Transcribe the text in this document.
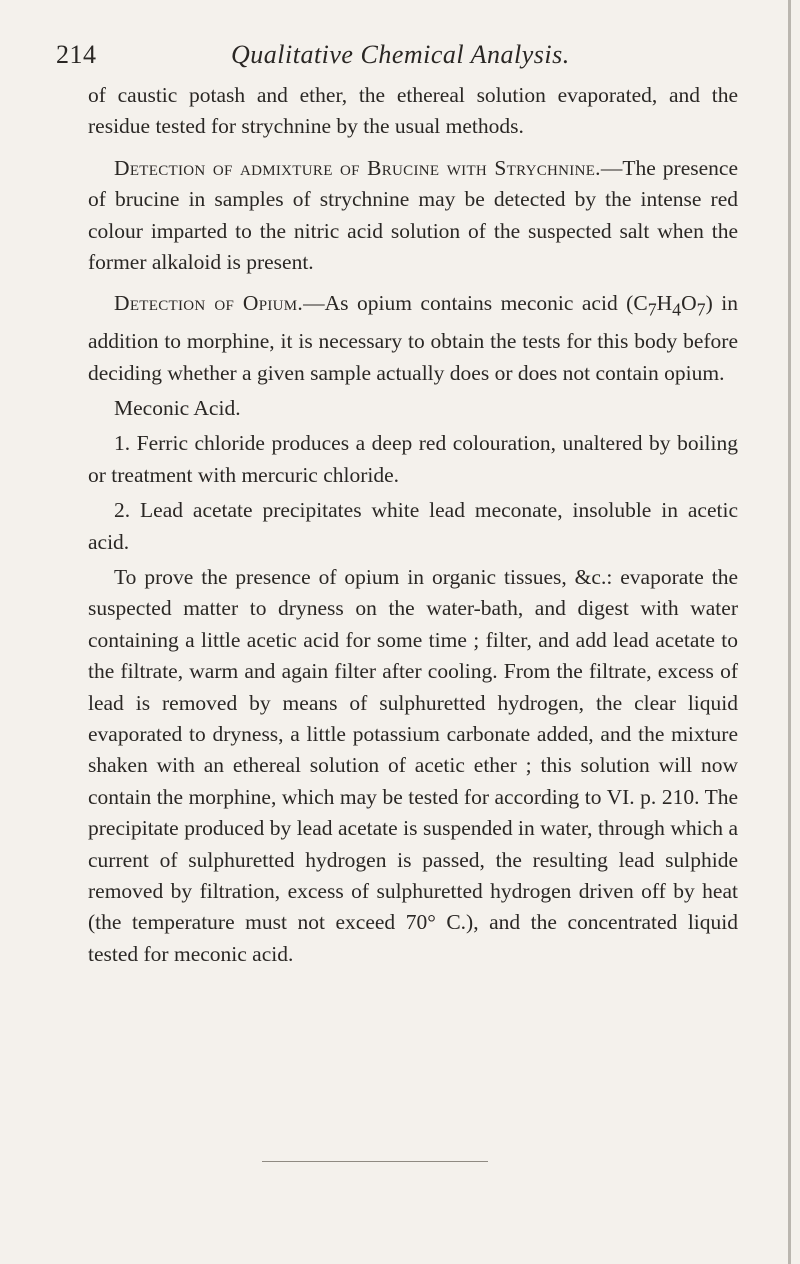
214	Qualitative Chemical Analysis.

of caustic potash and ether, the ethereal solution evaporated, and the residue tested for strychnine by the usual methods.

Detection of admixture of Brucine with Strychnine.—The presence of brucine in samples of strychnine may be detected by the intense red colour imparted to the nitric acid solution of the suspected salt when the former alkaloid is present.

Detection of Opium.—As opium contains meconic acid $(C_7H_4O_7)$ in addition to morphine, it is necessary to obtain the tests for this body before deciding whether a given sample actually does or does not contain opium.

Meconic Acid.

1. Ferric chloride produces a deep red colouration, unaltered by boiling or treatment with mercuric chloride.

2. Lead acetate precipitates white lead meconate, insoluble in acetic acid.

To prove the presence of opium in organic tissues, &c.: evaporate the suspected matter to dryness on the water-bath, and digest with water containing a little acetic acid for some time ; filter, and add lead acetate to the filtrate, warm and again filter after cooling. From the filtrate, excess of lead is removed by means of sulphuretted hydrogen, the clear liquid evaporated to dryness, a little potassium carbonate added, and the mixture shaken with an ethereal solution of acetic ether ; this solution will now contain the morphine, which may be tested for according to VI. p. 210. The precipitate produced by lead acetate is suspended in water, through which a current of sulphuretted hydrogen is passed, the resulting lead sulphide removed by filtration, excess of sulphuretted hydrogen driven off by heat (the temperature must not exceed 70° C.), and the concentrated liquid tested for meconic acid.
